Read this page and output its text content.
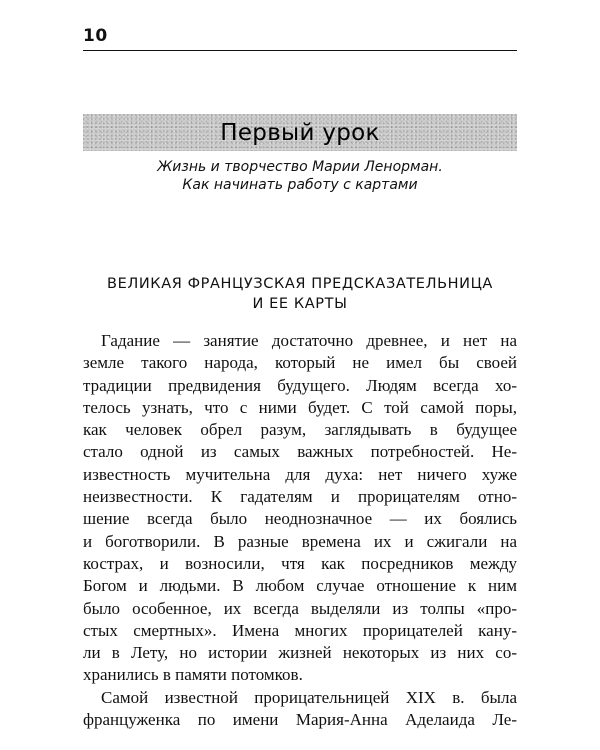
10
Первый урок
Жизнь и творчество Марии Ленорман.
Как начинать работу с картами
ВЕЛИКАЯ ФРАНЦУЗСКАЯ ПРЕДСКАЗАТЕЛЬНИЦА
И ЕЕ КАРТЫ
Гадание — занятие достаточно древнее, и нет на
земле такого народа, который не имел бы своей
традиции предвидения будущего. Людям всегда хо-
телось узнать, что с ними будет. С той самой поры,
как человек обрел разум, заглядывать в будущее
стало одной из самых важных потребностей. Не-
известность мучительна для духа: нет ничего хуже
неизвестности. К гадателям и прорицателям отно-
шение всегда было неоднозначное — их боялись
и боготворили. В разные времена их и сжигали на
кострах, и возносили, чтя как посредников между
Богом и людьми. В любом случае отношение к ним
было особенное, их всегда выделяли из толпы «про-
стых смертных». Имена многих прорицателей кану-
ли в Лету, но истории жизней некоторых из них со-
хранились в памяти потомков.
Самой известной прорицательницей XIX в. была
француженка по имени Мария-Анна Аделаида Ле-
